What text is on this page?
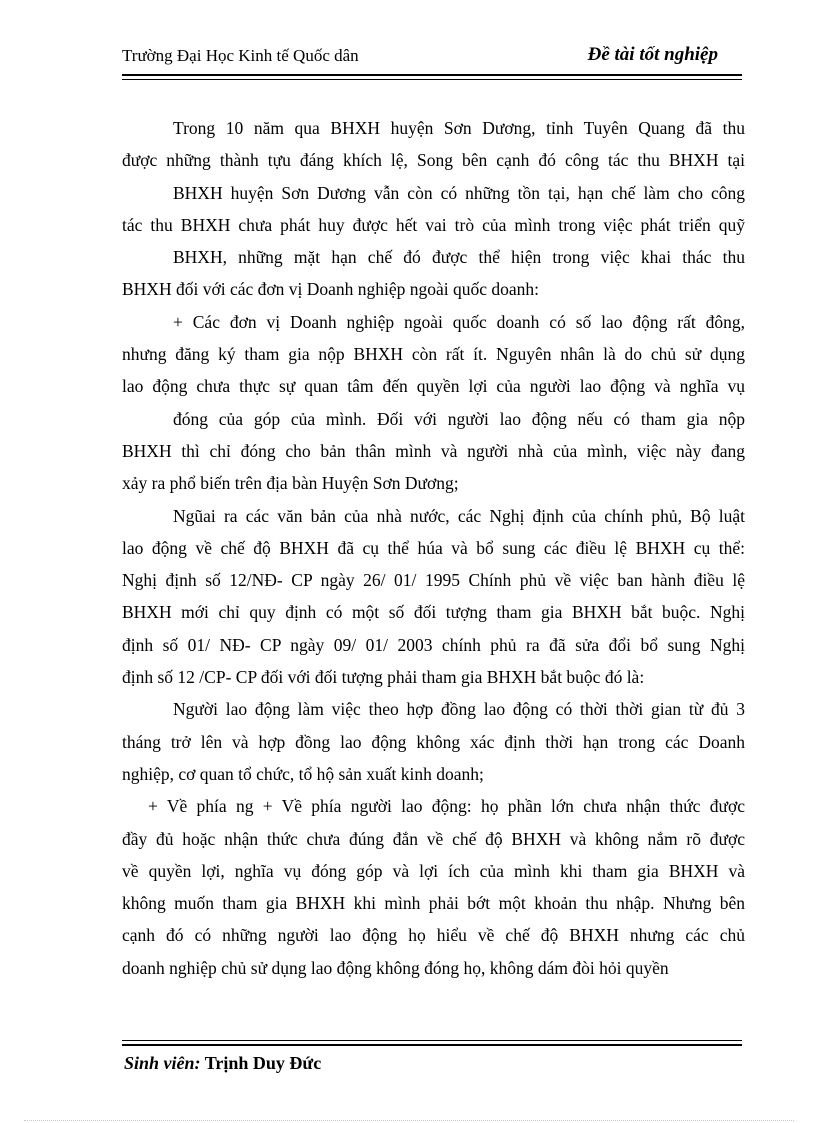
Trường Đại Học Kinh tế Quốc dân	Đề tài tốt nghiệp
Trong 10 năm qua BHXH huyện Sơn Dương, tỉnh Tuyên Quang đã thu
được những thành tựu đáng khích lệ, Song bên cạnh đó công tác thu BHXH tại
BHXH huyện Sơn Dương vẫn còn có những tồn tại, hạn chế làm cho công
tác thu BHXH chưa phát huy được hết vai trò của mình trong việc phát triển quỹ
BHXH, những mặt hạn chế đó được thể hiện trong việc khai thác thu
BHXH đối với các đơn vị Doanh nghiệp ngoài quốc doanh:
+ Các đơn vị Doanh nghiệp ngoài quốc doanh có số lao động rất đông,
nhưng đăng ký tham gia nộp BHXH còn rất ít. Nguyên nhân là do chủ sử dụng
lao động chưa thực sự quan tâm đến quyền lợi của người lao động và nghĩa vụ
đóng của góp của mình. Đối với người lao động nếu có tham gia nộp
BHXH thì chỉ đóng cho bản thân mình và người nhà của mình, việc này đang
xảy ra phổ biến trên địa bàn Huyện Sơn Dương;
Ngũai ra các văn bản của nhà nước, các Nghị định của chính phủ, Bộ luật
lao động về chế độ BHXH đã cụ thể húa và bổ sung các điều lệ BHXH cụ thể:
Nghị định số 12/NĐ- CP ngày 26/ 01/ 1995 Chính phủ về việc ban hành điều lệ
BHXH mới chỉ quy định có một số đối tượng tham gia BHXH bắt buộc. Nghị
định số 01/ NĐ- CP ngày 09/ 01/ 2003 chính phủ ra đã sửa đổi bổ sung Nghị
định số 12 /CP- CP đối với đối tượng phải tham gia BHXH bắt buộc đó là:
Người lao động làm việc theo hợp đồng lao động có thời thời gian từ đủ 3
tháng trở lên và hợp đồng lao động không xác định thời hạn trong các Doanh
nghiệp, cơ quan tổ chức, tổ hộ sản xuất kinh doanh;
+ Về phía ng + Về phía người lao động: họ phần lớn chưa nhận thức được
đầy đủ hoặc nhận thức chưa đúng đắn về chế độ BHXH và không nắm rõ được
về quyền lợi, nghĩa vụ đóng góp và lợi ích của mình khi tham gia BHXH và
không muốn tham gia BHXH khi mình phải bớt một khoản thu nhập. Nhưng bên
cạnh đó có những người lao động họ hiểu về chế độ BHXH nhưng các chủ
doanh nghiệp chủ sử dụng lao động không đóng họ, không dám đòi hỏi quyền
Sinh viên: Trịnh Duy Đức
